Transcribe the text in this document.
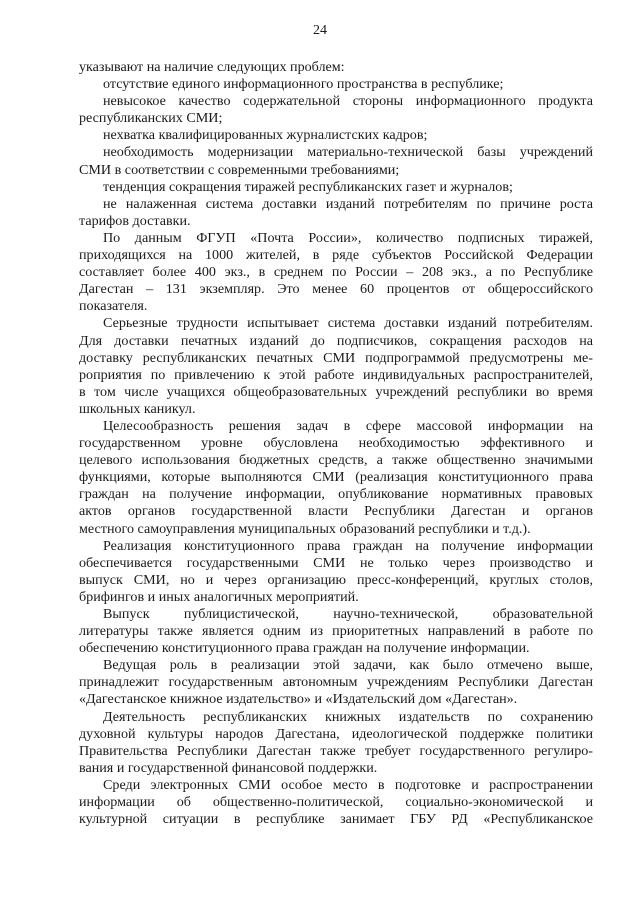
24
указывают на наличие следующих проблем:
отсутствие единого информационного пространства в республике;
невысокое качество содержательной стороны информационного продукта
республиканских СМИ;
нехватка квалифицированных журналистских кадров;
необходимость модернизации материально-технической базы учреждений
СМИ в соответствии с современными требованиями;
тенденция сокращения тиражей республиканских газет и журналов;
не налаженная система доставки изданий потребителям по причине роста
тарифов доставки.
По данным ФГУП «Почта России», количество подписных тиражей,
приходящихся на 1000 жителей, в ряде субъектов Российской Федерации
составляет более 400 экз., в среднем по России – 208 экз., а по Республике
Дагестан – 131 экземпляр. Это менее 60 процентов от общероссийского
показателя.
Серьезные трудности испытывает система доставки изданий потребителям.
Для доставки печатных изданий до подписчиков, сокращения расходов на
доставку республиканских печатных СМИ подпрограммой предусмотрены ме-
роприятия по привлечению к этой работе индивидуальных распространителей,
в том числе учащихся общеобразовательных учреждений республики во время
школьных каникул.
Целесообразность решения задач в сфере массовой информации на
государственном уровне обусловлена необходимостью эффективного и
целевого использования бюджетных средств, а также общественно значимыми
функциями, которые выполняются СМИ (реализация конституционного права
граждан на получение информации, опубликование нормативных правовых
актов органов государственной власти Республики Дагестан и органов
местного самоуправления муниципальных образований республики и т.д.).
Реализация конституционного права граждан на получение информации
обеспечивается государственными СМИ не только через производство и
выпуск СМИ, но и через организацию пресс-конференций, круглых столов,
брифингов и иных аналогичных мероприятий.
Выпуск публицистической, научно-технической, образовательной
литературы также является одним из приоритетных направлений в работе по
обеспечению конституционного права граждан на получение информации.
Ведущая роль в реализации этой задачи, как было отмечено выше,
принадлежит государственным автономным учреждениям Республики Дагестан
«Дагестанское книжное издательство» и «Издательский дом «Дагестан».
Деятельность республиканских книжных издательств по сохранению
духовной культуры народов Дагестана, идеологической поддержке политики
Правительства Республики Дагестан также требует государственного регулиро-
вания и государственной финансовой поддержки.
Среди электронных СМИ особое место в подготовке и распространении
информации об общественно-политической, социально-экономической и
культурной ситуации в республике занимает ГБУ РД «Республиканское
